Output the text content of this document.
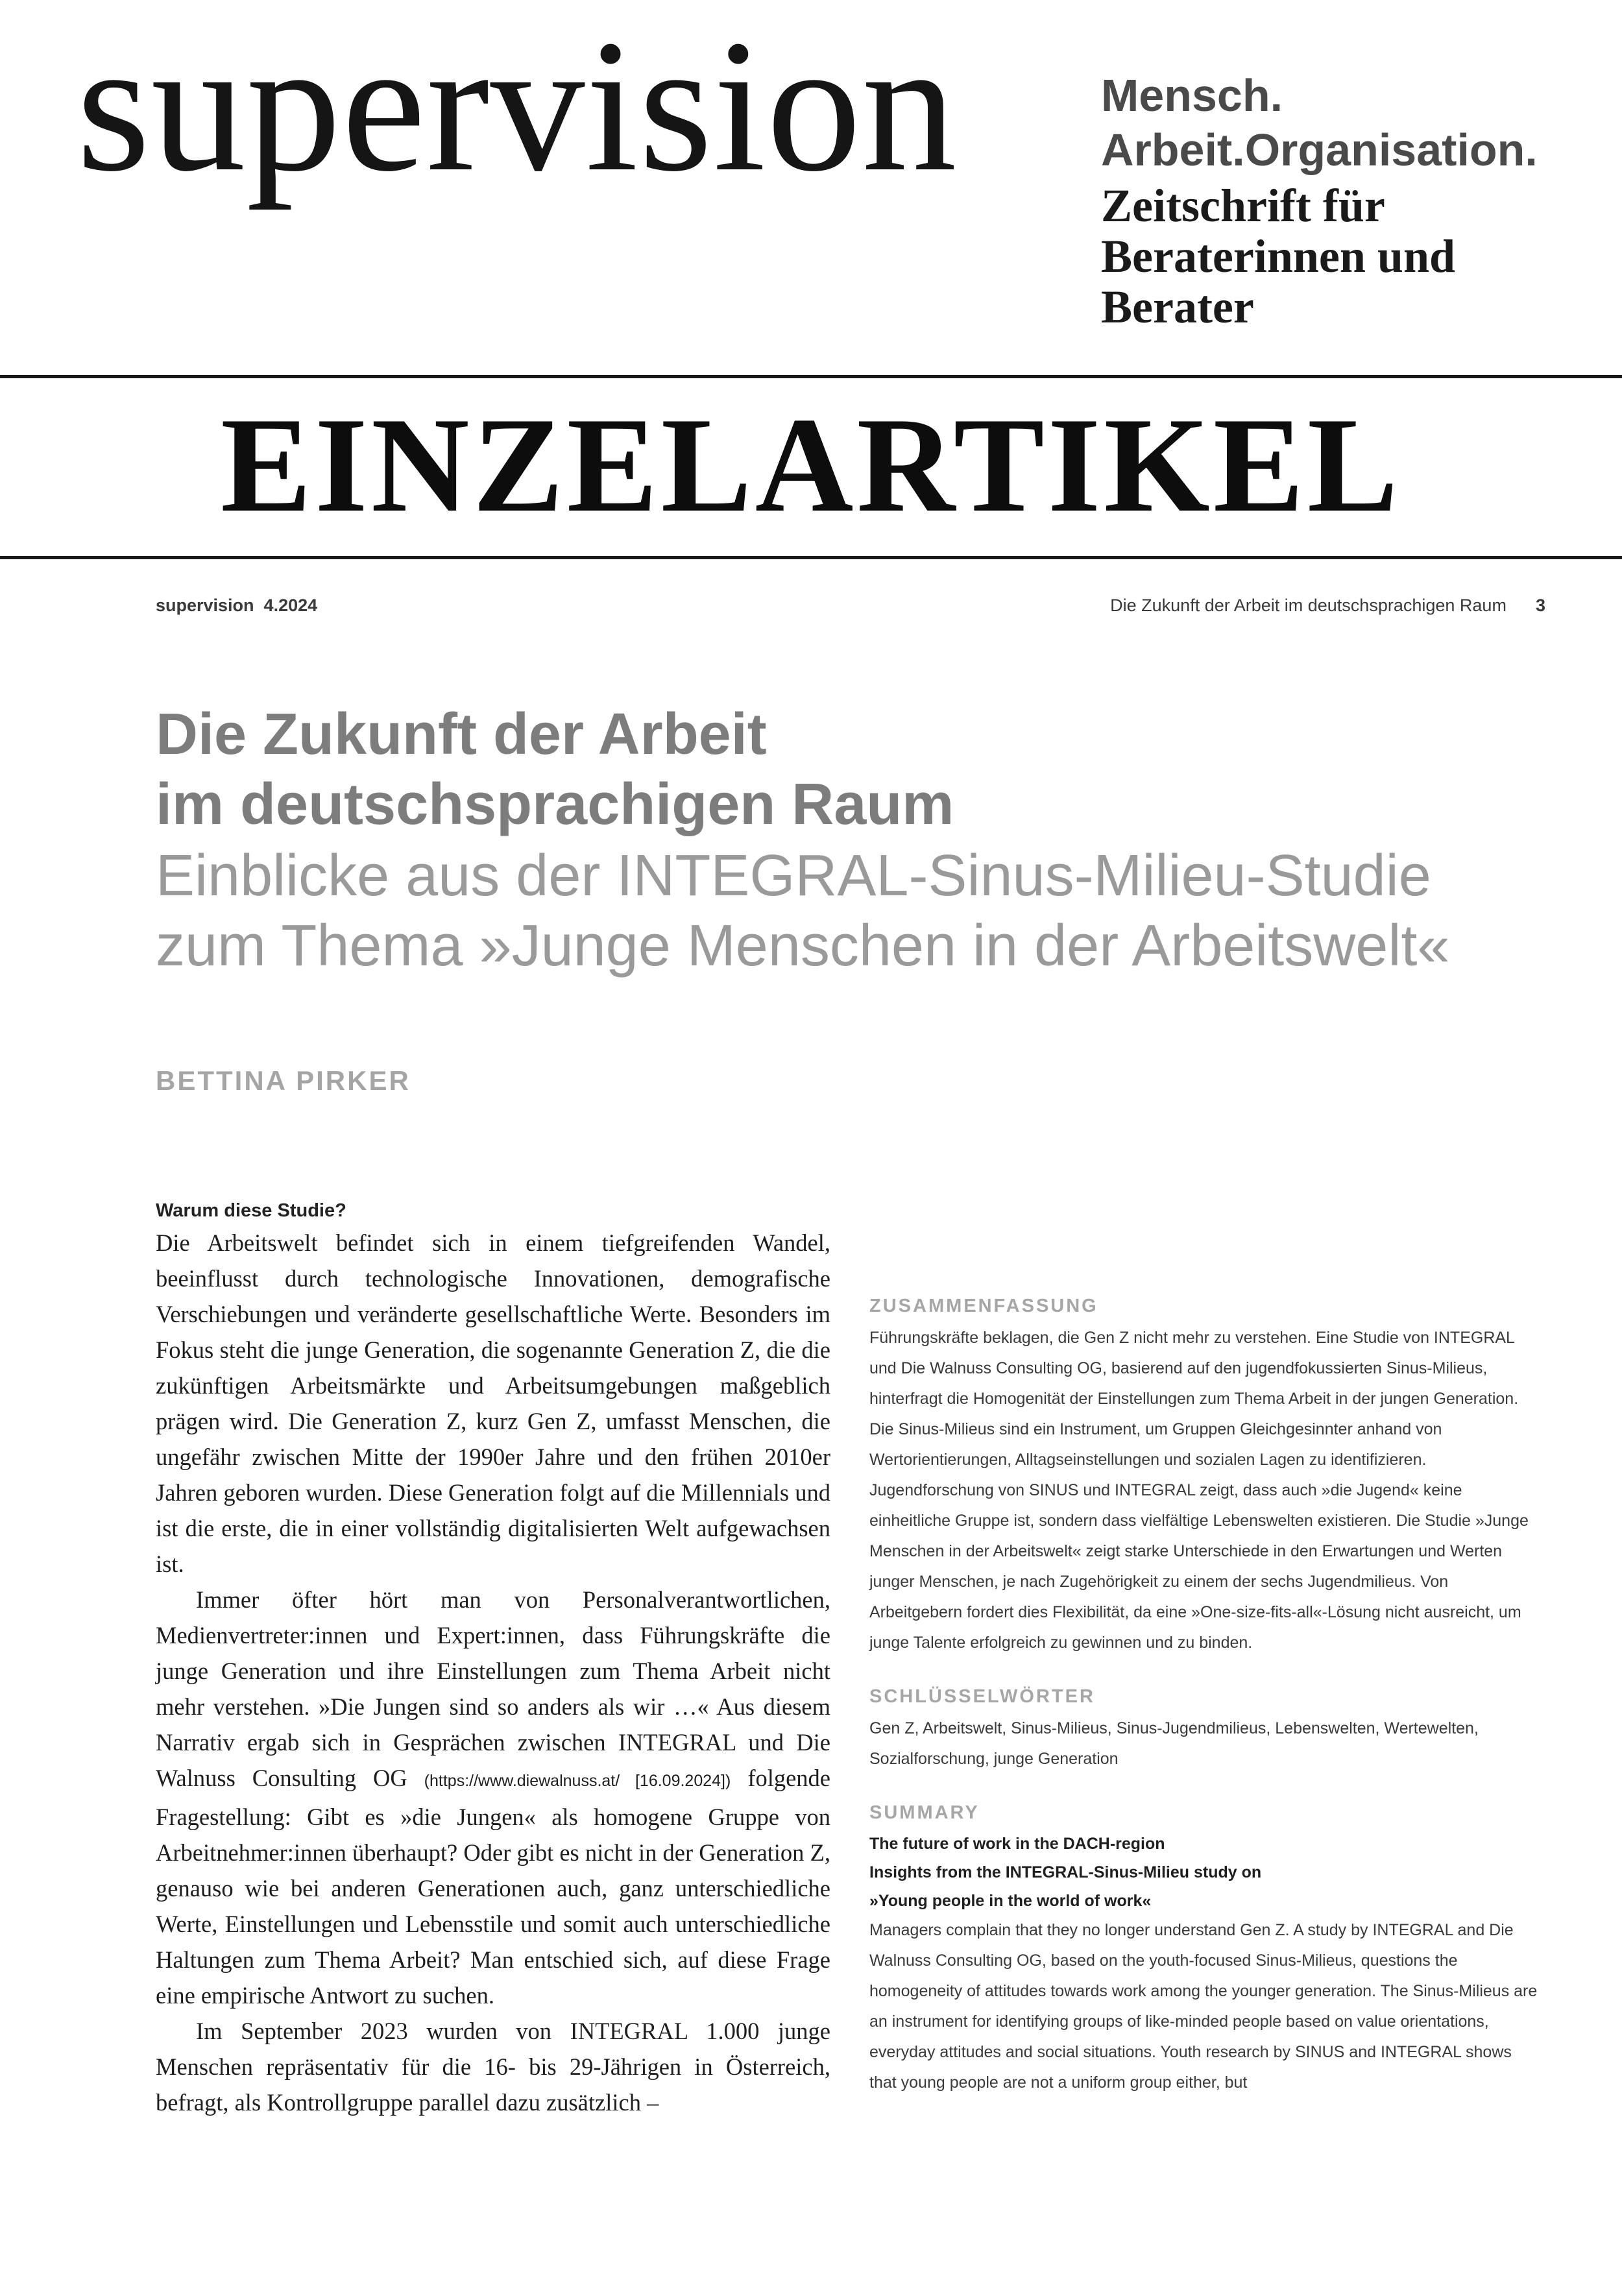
supervision	Mensch.
Arbeit.Organisation.
Zeitschrift für
Beraterinnen und
Berater
EINZELARTIKEL
supervision  4.2024	Die Zukunft der Arbeit im deutschsprachigen Raum 3
Die Zukunft der Arbeit
im deutschsprachigen Raum
Einblicke aus der INTEGRAL-Sinus-Milieu-Studie zum Thema »Junge Menschen in der Arbeitswelt«
BETTINA PIRKER
Warum diese Studie?

Die Arbeitswelt befindet sich in einem tiefgreifenden Wandel, beeinflusst durch technologische Innovationen, demografische Verschiebungen und veränderte gesellschaftliche Werte. Besonders im Fokus steht die junge Generation, die sogenannte Generation Z, die die zukünftigen Arbeitsmärkte und Arbeitsumgebungen maßgeblich prägen wird. Die Generation Z, kurz Gen Z, umfasst Menschen, die ungefähr zwischen Mitte der 1990er Jahre und den frühen 2010er Jahren geboren wurden. Diese Generation folgt auf die Millennials und ist die erste, die in einer vollständig digitalisierten Welt aufgewachsen ist.

Immer öfter hört man von Personalverantwortlichen, Medienvertreter:innen und Expert:innen, dass Führungskräfte die junge Generation und ihre Einstellungen zum Thema Arbeit nicht mehr verstehen. »Die Jungen sind so anders als wir …« Aus diesem Narrativ ergab sich in Gesprächen zwischen INTEGRAL und Die Walnuss Consulting OG (https://www.diewalnuss.at/ [16.09.2024]) folgende Fragestellung: Gibt es »die Jungen« als homogene Gruppe von Arbeitnehmer:innen überhaupt? Oder gibt es nicht in der Generation Z, genauso wie bei anderen Generationen auch, ganz unterschiedliche Werte, Einstellungen und Lebensstile und somit auch unterschiedliche Haltungen zum Thema Arbeit? Man entschied sich, auf diese Frage eine empirische Antwort zu suchen.

Im September 2023 wurden von INTEGRAL 1.000 junge Menschen repräsentativ für die 16- bis 29-Jährigen in Österreich, befragt, als Kontrollgruppe parallel dazu zusätzlich –

ZUSAMMENFASSUNG

Führungskräfte beklagen, die Gen Z nicht mehr zu verstehen. Eine Studie von INTEGRAL und Die Walnuss Consulting OG, basierend auf den jugendfokussierten Sinus-Milieus, hinterfragt die Homogenität der Einstellungen zum Thema Arbeit in der jungen Generation.

Die Sinus-Milieus sind ein Instrument, um Gruppen Gleichgesinnter anhand von Wertorientierungen, Alltagseinstellungen und sozialen Lagen zu identifizieren. Jugendforschung von SINUS und INTEGRAL zeigt, dass auch »die Jugend« keine einheitliche Gruppe ist, sondern dass vielfältige Lebenswelten existieren. Die Studie »Junge Menschen in der Arbeitswelt« zeigt starke Unterschiede in den Erwartungen und Werten junger Menschen, je nach Zugehörigkeit zu einem der sechs Jugendmilieus. Von Arbeitgebern fordert dies Flexibilität, da eine »One-size-fits-all«-Lösung nicht ausreicht, um junge Talente erfolgreich zu gewinnen und zu binden.

SCHLÜSSELWÖRTER

Gen Z, Arbeitswelt, Sinus-Milieus, Sinus-Jugendmilieus, Lebenswelten, Wertewelten, Sozialforschung, junge Generation

SUMMARY
The future of work in the DACH-region
Insights from the INTEGRAL-Sinus-Milieu study on
»Young people in the world of work«

Managers complain that they no longer understand Gen Z. A study by INTEGRAL and Die Walnuss Consulting OG, based on the youth-focused Sinus-Milieus, questions the homogeneity of attitudes towards work among the younger generation. The Sinus-Milieus are an instrument for identifying groups of like-minded people based on value orientations, everyday attitudes and social situations. Youth research by SINUS and INTEGRAL shows that young people are not a uniform group either, but
